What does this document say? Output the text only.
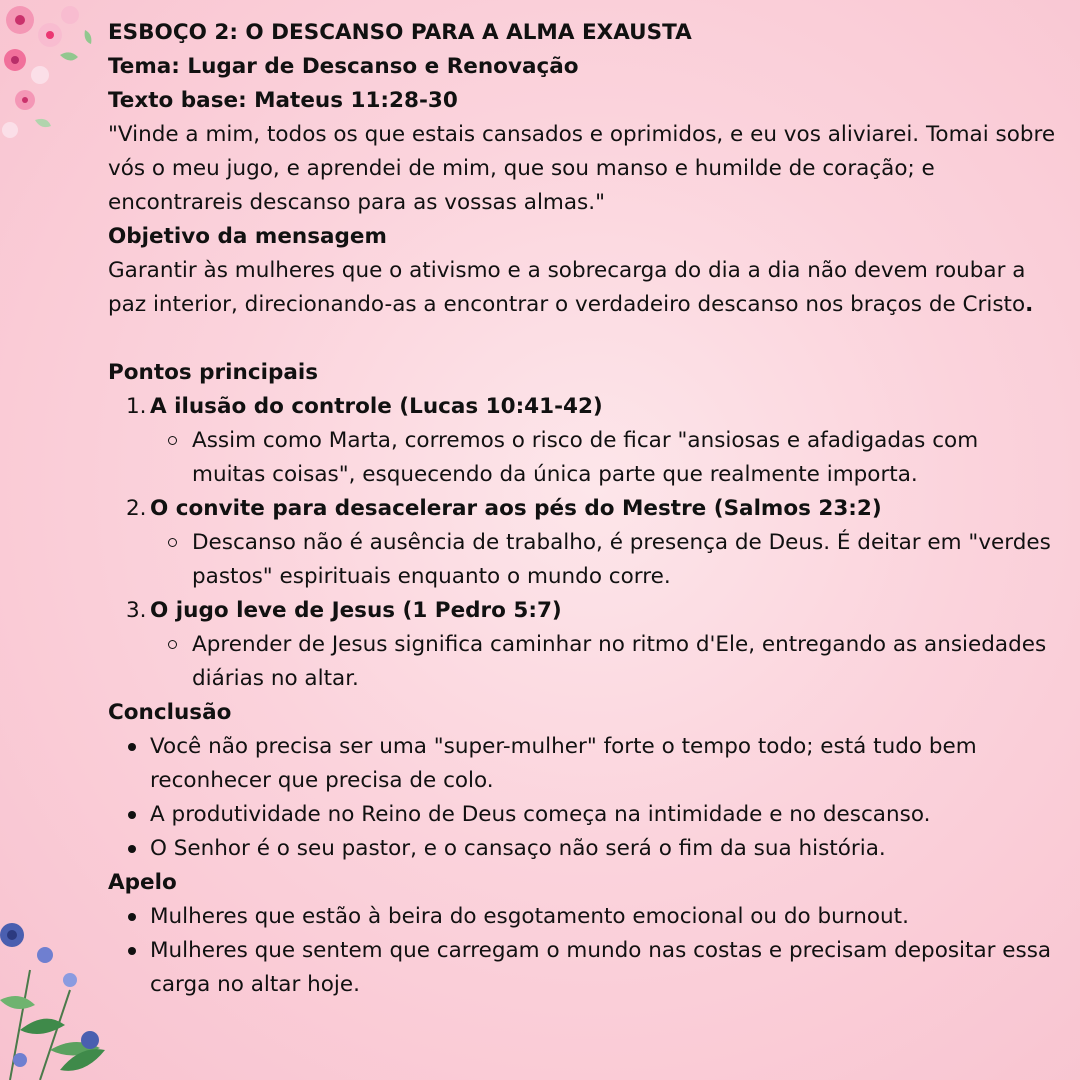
ESBOÇO 2: O DESCANSO PARA A ALMA EXAUSTA

Tema: Lugar de Descanso e Renovação

Texto base: Mateus 11:28-30

"Vinde a mim, todos os que estais cansados e oprimidos, e eu vos aliviarei. Tomai sobre vós o meu jugo, e aprendei de mim, que sou manso e humilde de coração; e encontrareis descanso para as vossas almas."

Objetivo da mensagem

Garantir às mulheres que o ativismo e a sobrecarga do dia a dia não devem roubar a paz interior, direcionando-as a encontrar o verdadeiro descanso nos braços de Cristo.

Pontos principais

1. A ilusão do controle (Lucas 10:41-42)
Assim como Marta, corremos o risco de ficar "ansiosas e afadigadas com muitas coisas", esquecendo da única parte que realmente importa.
2. O convite para desacelerar aos pés do Mestre (Salmos 23:2)
Descanso não é ausência de trabalho, é presença de Deus. É deitar em "verdes pastos" espirituais enquanto o mundo corre.
3. O jugo leve de Jesus (1 Pedro 5:7)
Aprender de Jesus significa caminhar no ritmo d'Ele, entregando as ansiedades diárias no altar.

Conclusão

Você não precisa ser uma "super-mulher" forte o tempo todo; está tudo bem reconhecer que precisa de colo.
A produtividade no Reino de Deus começa na intimidade e no descanso.
O Senhor é o seu pastor, e o cansaço não será o fim da sua história.

Apelo

Mulheres que estão à beira do esgotamento emocional ou do burnout.
Mulheres que sentem que carregam o mundo nas costas e precisam depositar essa carga no altar hoje.
